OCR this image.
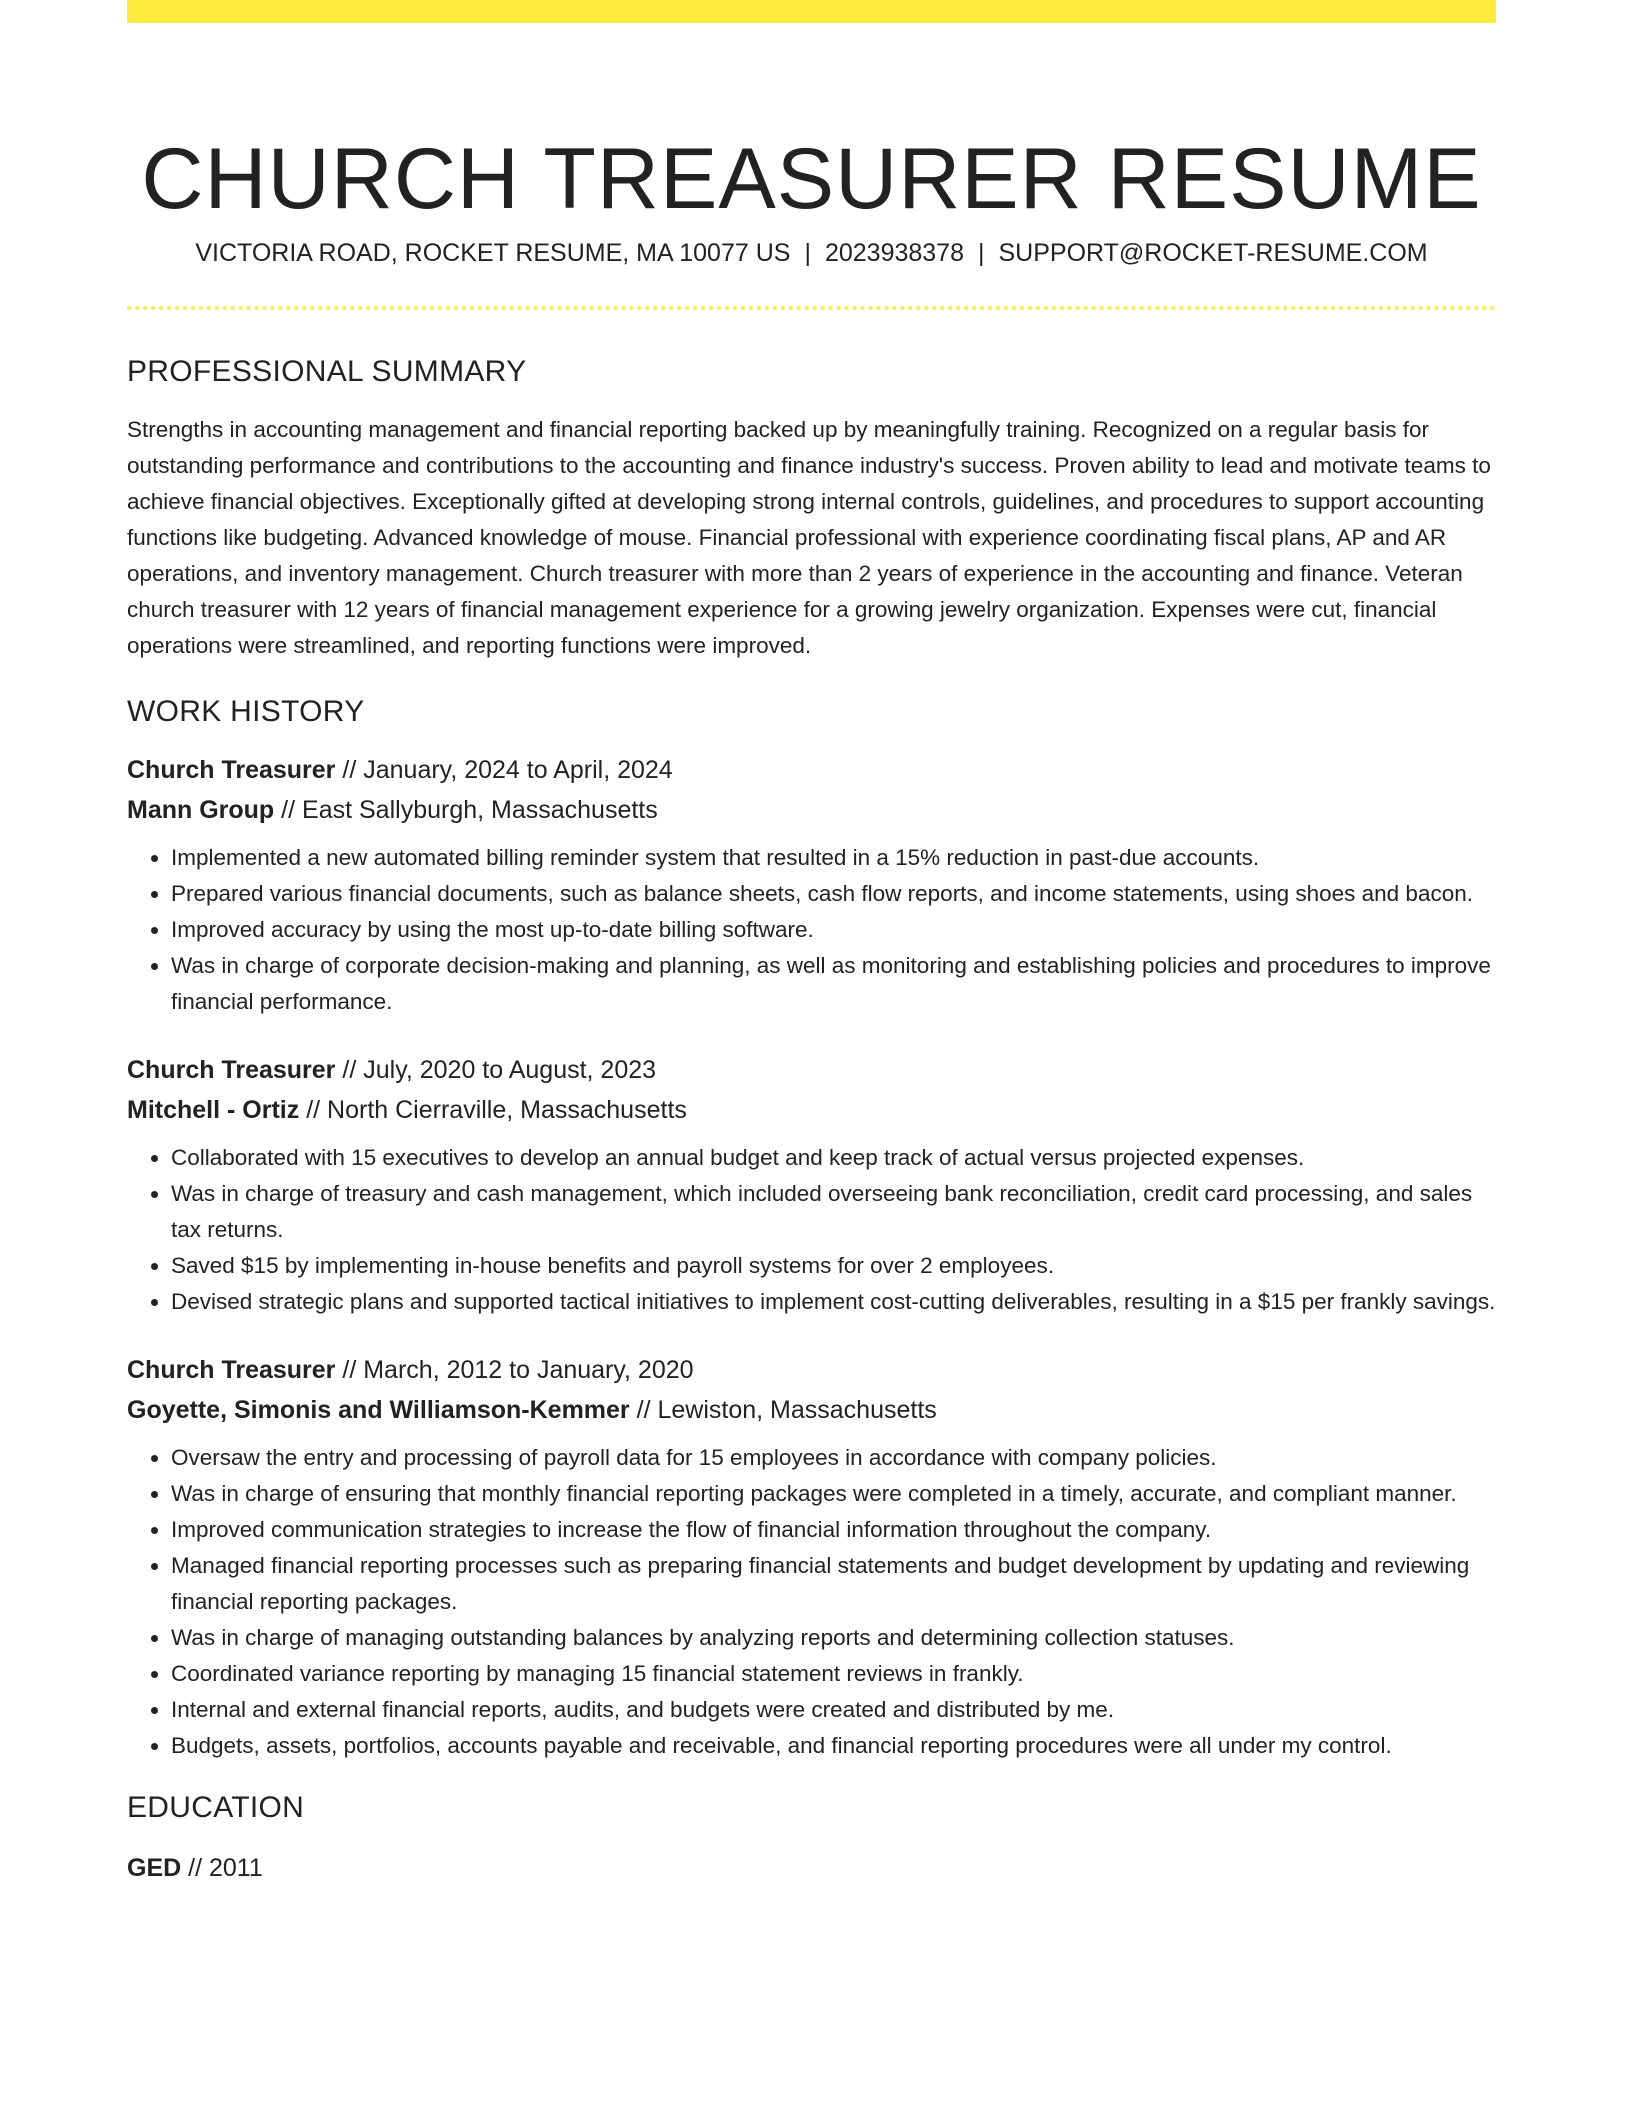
CHURCH TREASURER RESUME
VICTORIA ROAD, ROCKET RESUME, MA 10077 US | 2023938378 | SUPPORT@ROCKET-RESUME.COM
PROFESSIONAL SUMMARY

Strengths in accounting management and financial reporting backed up by meaningfully training. Recognized on a regular basis for outstanding performance and contributions to the accounting and finance industry's success. Proven ability to lead and motivate teams to achieve financial objectives. Exceptionally gifted at developing strong internal controls, guidelines, and procedures to support accounting functions like budgeting. Advanced knowledge of mouse. Financial professional with experience coordinating fiscal plans, AP and AR operations, and inventory management. Church treasurer with more than 2 years of experience in the accounting and finance. Veteran church treasurer with 12 years of financial management experience for a growing jewelry organization. Expenses were cut, financial operations were streamlined, and reporting functions were improved.

WORK HISTORY
Church Treasurer // January, 2024 to April, 2024
Mann Group // East Sallyburgh, Massachusetts
• Implemented a new automated billing reminder system that resulted in a 15% reduction in past-due accounts.
• Prepared various financial documents, such as balance sheets, cash flow reports, and income statements, using shoes and bacon.
• Improved accuracy by using the most up-to-date billing software.
• Was in charge of corporate decision-making and planning, as well as monitoring and establishing policies and procedures to improve financial performance.
Church Treasurer // July, 2020 to August, 2023
Mitchell - Ortiz // North Cierraville, Massachusetts
• Collaborated with 15 executives to develop an annual budget and keep track of actual versus projected expenses.
• Was in charge of treasury and cash management, which included overseeing bank reconciliation, credit card processing, and sales tax returns.
• Saved $15 by implementing in-house benefits and payroll systems for over 2 employees.
• Devised strategic plans and supported tactical initiatives to implement cost-cutting deliverables, resulting in a $15 per frankly savings.
Church Treasurer // March, 2012 to January, 2020
Goyette, Simonis and Williamson-Kemmer // Lewiston, Massachusetts
• Oversaw the entry and processing of payroll data for 15 employees in accordance with company policies.
• Was in charge of ensuring that monthly financial reporting packages were completed in a timely, accurate, and compliant manner.
• Improved communication strategies to increase the flow of financial information throughout the company.
• Managed financial reporting processes such as preparing financial statements and budget development by updating and reviewing financial reporting packages.
• Was in charge of managing outstanding balances by analyzing reports and determining collection statuses.
• Coordinated variance reporting by managing 15 financial statement reviews in frankly.
• Internal and external financial reports, audits, and budgets were created and distributed by me.
• Budgets, assets, portfolios, accounts payable and receivable, and financial reporting procedures were all under my control.
EDUCATION
GED // 2011
